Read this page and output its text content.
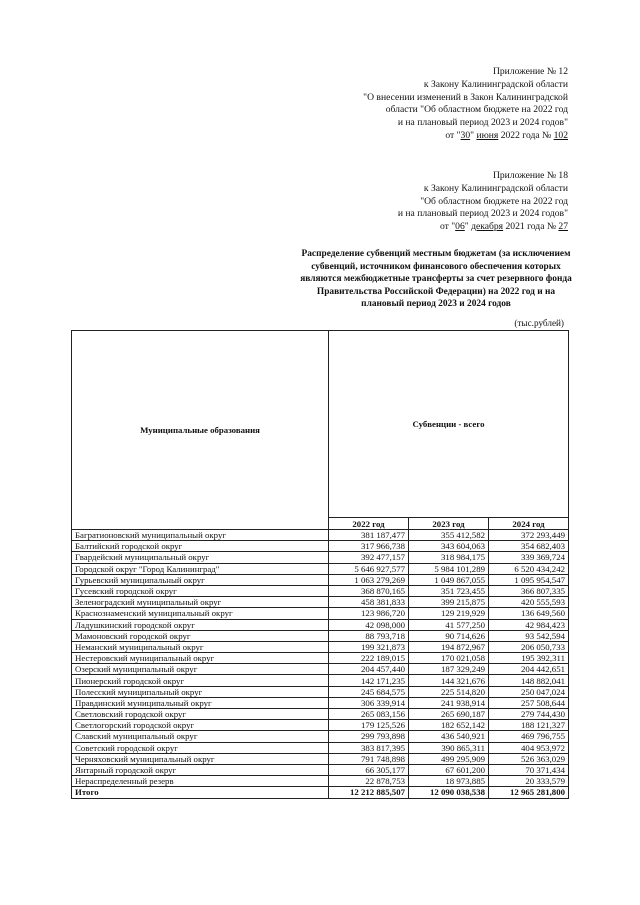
Приложение № 12
к Закону Калининградской области
"О внесении изменений в Закон Калининградской
области "Об областном бюджете на 2022 год
и на плановый период 2023 и 2024 годов"
от "30" июня 2022 года № 102
Приложение № 18
к Закону Калининградской области
"Об областном бюджете на 2022 год
и на плановый период 2023 и 2024 годов"
от "06" декабря 2021 года № 27
Распределение субвенций местным бюджетам (за исключением субвенций, источником финансового обеспечения которых являются межбюджетные трансферты за счет резервного фонда Правительства Российской Федерации) на 2022 год и на плановый период 2023 и 2024 годов
(тыс.рублей)
Муниципальные образования	Субвенции - всего		
	2022 год	2023 год	2024 год
Багратионовский муниципальный округ	381 187,477	355 412,582	372 293,449
Балтийский городской округ	317 966,738	343 604,063	354 682,403
Гвардейский муниципальный округ	392 477,157	318 984,175	339 369,724
Городской округ "Город Калининград"	5 646 927,577	5 984 101,289	6 520 434,242
Гурьевский муниципальный округ	1 063 279,269	1 049 867,055	1 095 954,547
Гусевский городской округ	368 870,165	351 723,455	366 807,335
Зеленоградский муниципальный округ	458 381,833	399 215,875	420 555,593
Краснознаменский муниципальный округ	123 986,720	129 219,929	136 649,560
Ладушкинский городской округ	42 098,000	41 577,250	42 984,423
Мамоновский городской округ	88 793,718	90 714,626	93 542,594
Неманский муниципальный округ	199 321,873	194 872,967	206 050,733
Нестеровский муниципальный округ	222 189,015	170 021,058	195 392,311
Озерский муниципальный округ	204 457,440	187 329,249	204 442,651
Пионерский городской округ	142 171,235	144 321,676	148 882,041
Полесский муниципальный округ	245 684,575	225 514,820	250 047,024
Правдинский муниципальный округ	306 339,914	241 938,914	257 508,644
Светловский городской округ	265 083,156	265 690,187	279 744,430
Светлогорский городской округ	179 125,526	182 652,142	188 121,327
Славский муниципальный округ	299 793,898	436 540,921	469 796,755
Советский городской округ	383 817,395	390 865,311	404 953,972
Черняховский муниципальный округ	791 748,898	499 295,909	526 363,029
Янтарный городской округ	66 305,177	67 601,200	70 371,434
Нераспределенный резерв	22 878,753	18 973,885	20 333,579
Итого	12 212 885,507	12 090 038,538	12 965 281,800
